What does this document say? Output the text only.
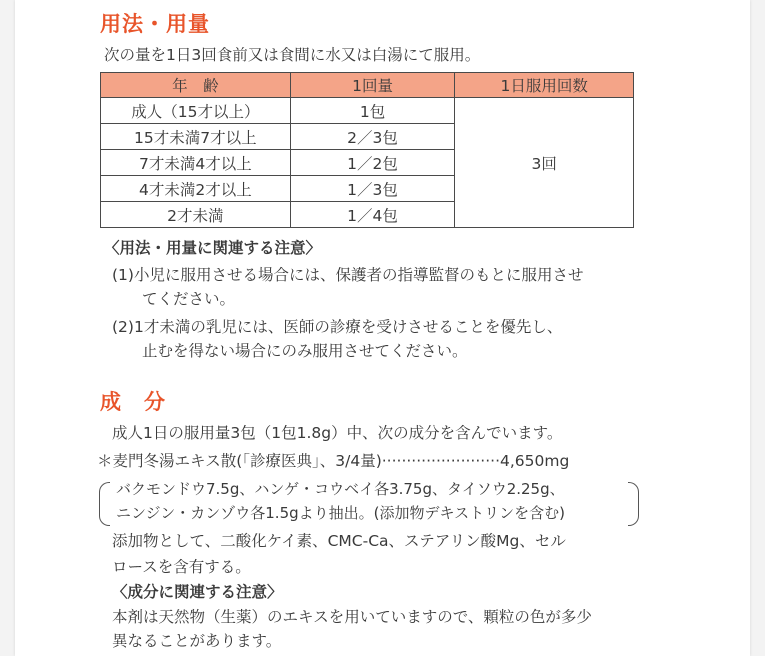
用法・用量
次の量を1日3回食前又は食間に水又は白湯にて服用。
年　齢	1回量	1日服用回数
成人（15才以上）	1包	3回
15才未満7才以上	2／3包	
7才未満4才以上	1／2包	
4才未満2才以上	1／3包	
2才未満	1／4包	
〈用法・用量に関連する注意〉
(1)小児に服用させる場合には、保護者の指導監督のもとに服用させ
てください。
(2)1才未満の乳児には、医師の診療を受けさせることを優先し、
止むを得ない場合にのみ服用させてください。
成　分
成人1日の服用量3包（1包1.8g）中、次の成分を含んでいます。
＊麦門冬湯エキス散(「診療医典」、3/4量)························4,650mg
バクモンドウ7.5g、ハンゲ・コウベイ各3.75g、タイソウ2.25g、
ニンジン・カンゾウ各1.5gより抽出。(添加物デキストリンを含む)
添加物として、二酸化ケイ素、CMC-Ca、ステアリン酸Mg、セル
ロースを含有する。
〈成分に関連する注意〉
本剤は天然物（生薬）のエキスを用いていますので、顆粒の色が多少
異なることがあります。
